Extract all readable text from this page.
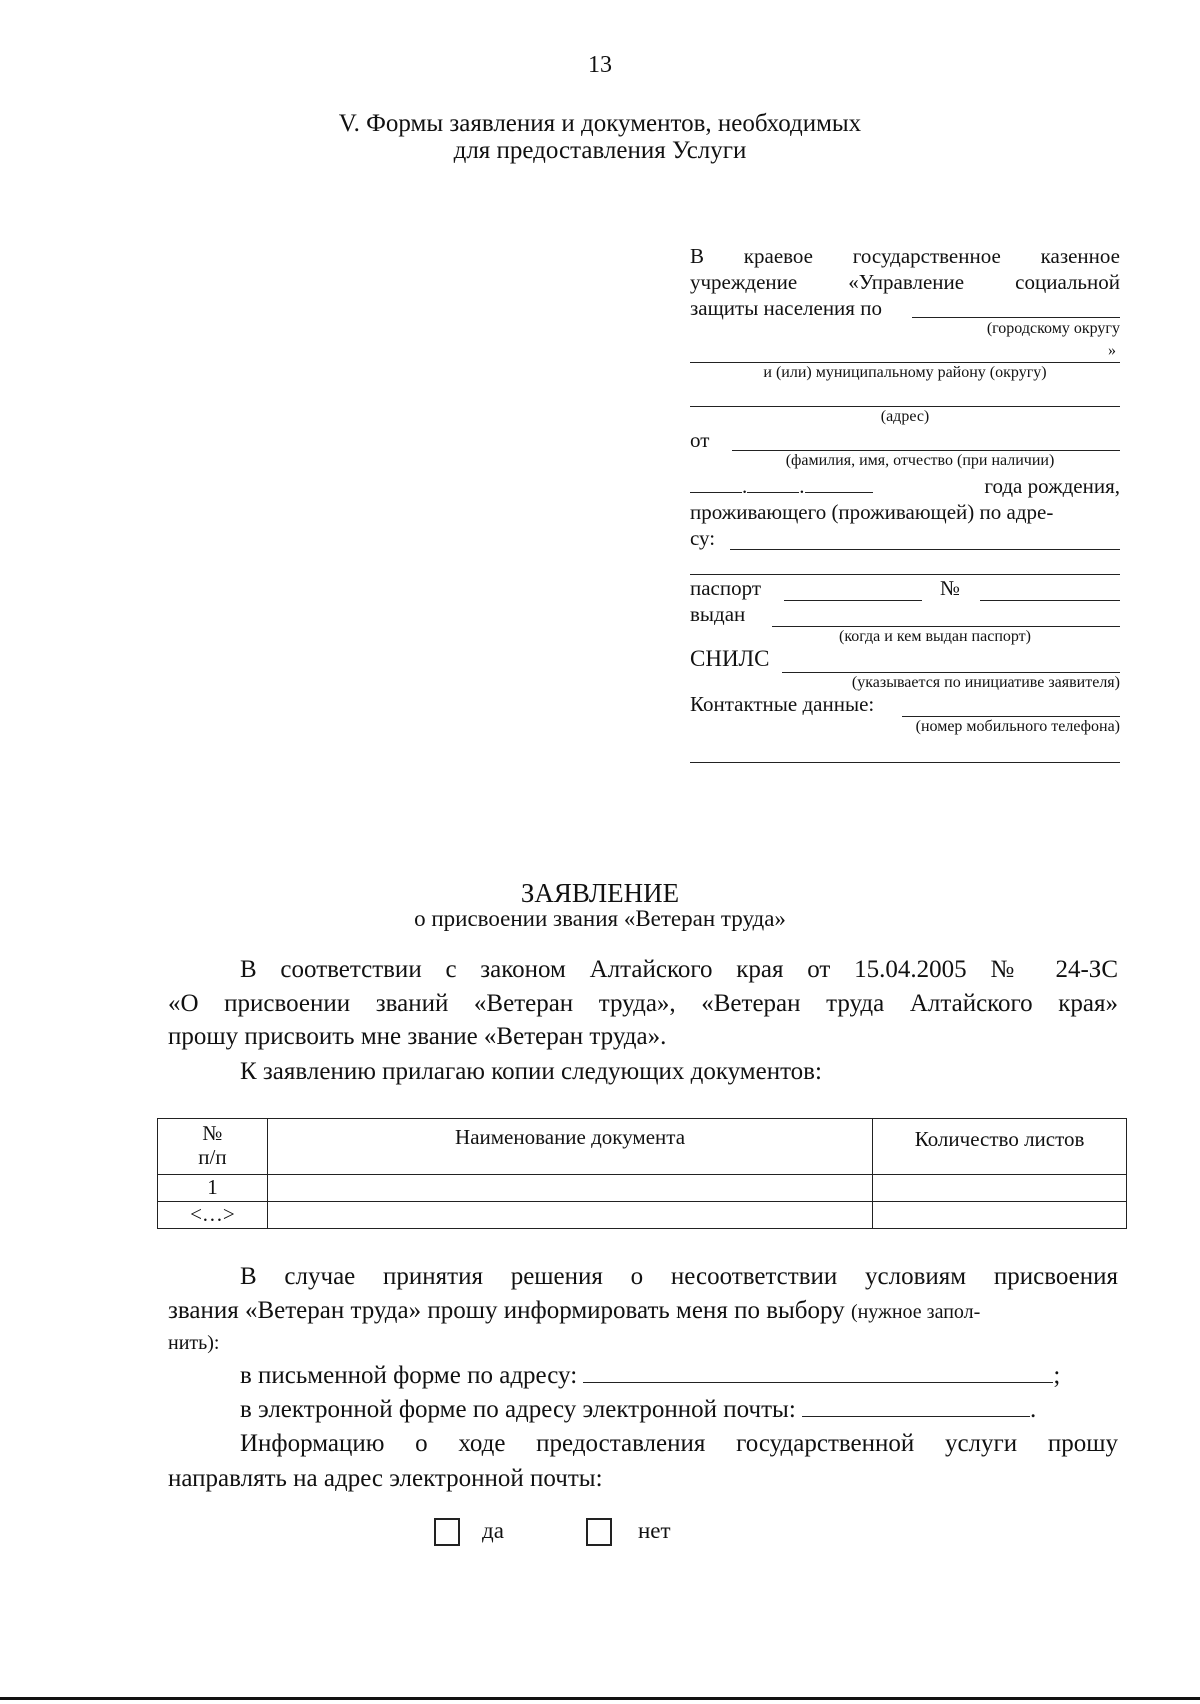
13
V. Формы заявления и документов, необходимых
для предоставления Услуги
В краевое государственное казенное
учреждение «Управление социальной
защиты населения по
(городскому округу
»
и (или) муниципальному району (округу)
(адрес)
от
(фамилия, имя, отчество (при наличии)
. .	года рождения,
проживающего (проживающей) по адре-
су:
паспорт	№
выдан
(когда и кем выдан паспорт)
СНИЛС
(указывается по инициативе заявителя)
Контактные данные:
(номер мобильного телефона)
ЗАЯВЛЕНИЕ
о присвоении звания «Ветеран труда»
В соответствии с законом Алтайского края от 15.04.2005 № 24-ЗС
«О присвоении званий «Ветеран труда», «Ветеран труда Алтайского края»
прошу присвоить мне звание «Ветеран труда».
К заявлению прилагаю копии следующих документов:
№
п/п	Наименование документа	Количество листов
1		
<…>		
В случае принятия решения о несоответствии условиям присвоения
звания «Ветеран труда» прошу информировать меня по выбору (нужное запол-
нить):
в письменной форме по адресу:	;
в электронной форме по адресу электронной почты:	.
Информацию о ходе предоставления государственной услуги прошу
направлять на адрес электронной почты:
да	нет
